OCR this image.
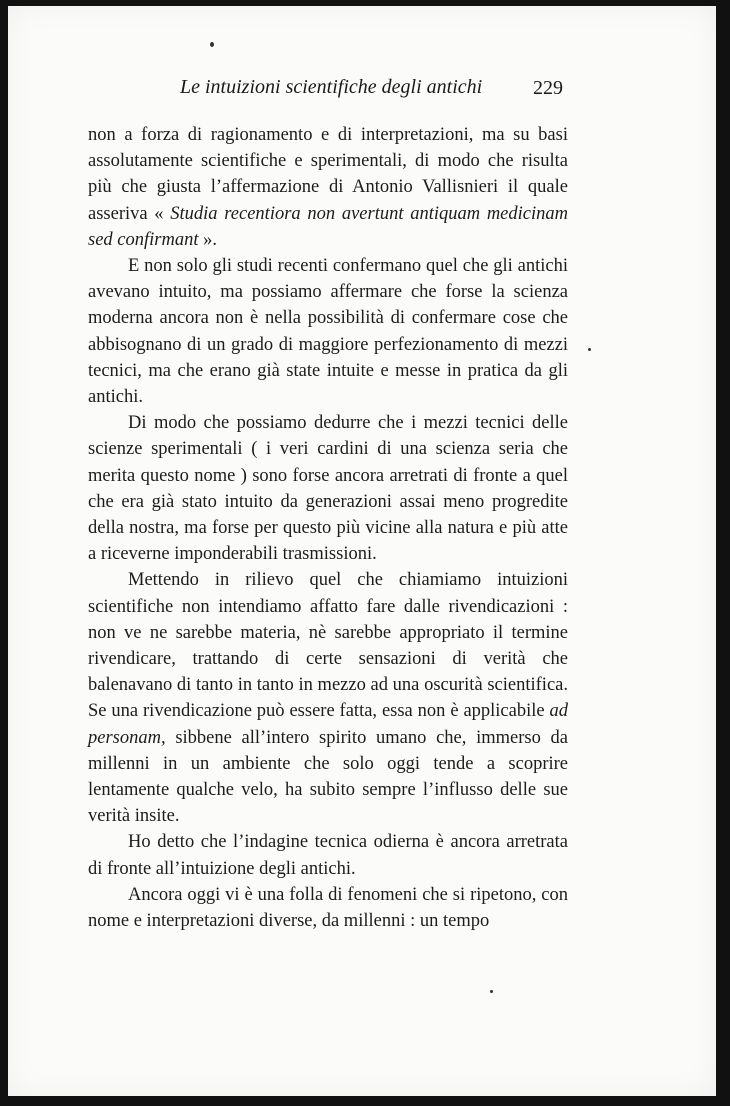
Le intuizioni scientifiche degli antichi	229

non a forza di ragionamento e di interpretazioni, ma su basi assolutamente scientifiche e sperimentali, di modo che risulta più che giusta l’affermazione di Antonio Vallisnieri il quale asseriva « Studia recentiora non avertunt antiquam medicinam sed confirmant ».

E non solo gli studi recenti confermano quel che gli antichi avevano intuito, ma possiamo affermare che forse la scienza moderna ancora non è nella possibilità di confermare cose che abbisognano di un grado di maggiore perfezionamento di mezzi tecnici, ma che erano già state intuite e messe in pratica da gli antichi.

Di modo che possiamo dedurre che i mezzi tecnici delle scienze sperimentali ( i veri cardini di una scienza seria che merita questo nome ) sono forse ancora arretrati di fronte a quel che era già stato intuito da generazioni assai meno progredite della nostra, ma forse per questo più vicine alla natura e più atte a riceverne imponderabili trasmissioni.

Mettendo in rilievo quel che chiamiamo intuizioni scientifiche non intendiamo affatto fare dalle rivendicazioni : non ve ne sarebbe materia, nè sarebbe appropriato il termine rivendicare, trattando di certe sensazioni di verità che balenavano di tanto in tanto in mezzo ad una oscurità scientifica. Se una rivendicazione può essere fatta, essa non è applicabile ad personam, sibbene all’intero spirito umano che, immerso da millenni in un ambiente che solo oggi tende a scoprire lentamente qualche velo, ha subito sempre l’influsso delle sue verità insite.

Ho detto che l’indagine tecnica odierna è ancora arretrata di fronte all’intuizione degli antichi.

Ancora oggi vi è una folla di fenomeni che si ripetono, con nome e interpretazioni diverse, da millenni : un tempo
